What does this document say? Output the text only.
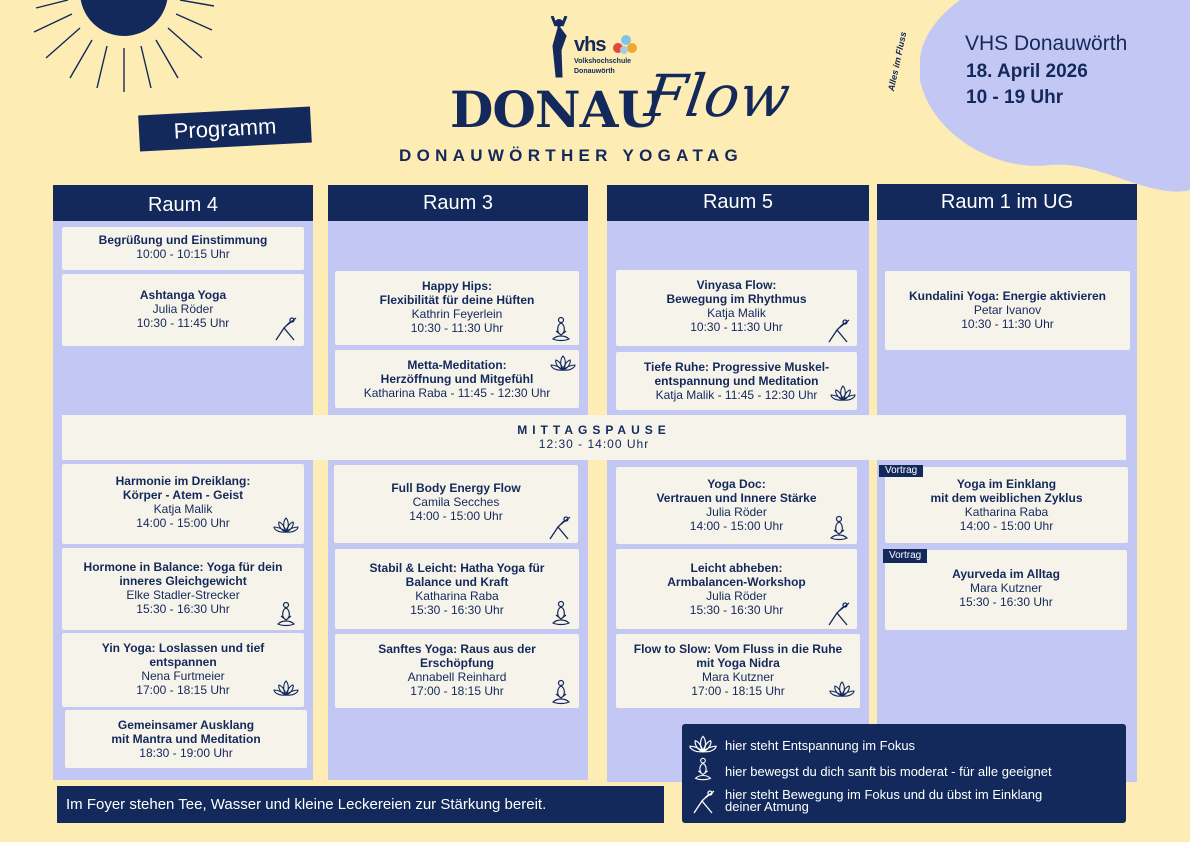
Alles im Fluss	VHS Donauwörth
18. April 2026
10 - 19 Uhr
vhs
Volkshochschule
Donauwörth
DONAU
Flow
DONAUWÖRTHER YOGATAG
Programm
Raum 4	Raum 3	Raum 5	Raum 1 im UG
Begrüßung und Einstimmung
10:00 - 10:15 Uhr
Ashtanga Yoga
Julia Röder
10:30 - 11:45 Uhr
Harmonie im Dreiklang:
Körper - Atem - Geist
Katja Malik
14:00 - 15:00 Uhr
Hormone in Balance: Yoga für dein
inneres Gleichgewicht
Elke Stadler-Strecker
15:30 - 16:30 Uhr
Yin Yoga: Loslassen und tief
entspannen
Nena Furtmeier
17:00 - 18:15 Uhr
Gemeinsamer Ausklang
mit Mantra und Meditation
18:30 - 19:00 Uhr
Happy Hips:
Flexibilität für deine Hüften
Kathrin Feyerlein
10:30 - 11:30 Uhr
Metta-Meditation:
Herzöffnung und Mitgefühl
Katharina Raba - 11:45 - 12:30 Uhr
Full Body Energy Flow
Camila Secches
14:00 - 15:00 Uhr
Stabil & Leicht: Hatha Yoga für
Balance und Kraft
Katharina Raba
15:30 - 16:30 Uhr
Sanftes Yoga: Raus aus der
Erschöpfung
Annabell Reinhard
17:00 - 18:15 Uhr
Vinyasa Flow:
Bewegung im Rhythmus
Katja Malik
10:30 - 11:30 Uhr
Tiefe Ruhe: Progressive Muskel-
entspannung und Meditation
Katja Malik - 11:45 - 12:30 Uhr
Yoga Doc:
Vertrauen und Innere Stärke
Julia Röder
14:00 - 15:00 Uhr
Leicht abheben:
Armbalancen-Workshop
Julia Röder
15:30 - 16:30 Uhr
Flow to Slow: Vom Fluss in die Ruhe
mit Yoga Nidra
Mara Kutzner
17:00 - 18:15 Uhr
Kundalini Yoga: Energie aktivieren
Petar Ivanov
10:30 - 11:30 Uhr
Yoga im Einklang
mit dem weiblichen Zyklus
Katharina Raba
14:00 - 15:00 Uhr
Vortrag
Ayurveda im Alltag
Mara Kutzner
15:30 - 16:30 Uhr
Vortrag
MITTAGSPAUSE
12:30 - 14:00 Uhr
hier steht Entspannung im Fokus
hier bewegst du dich sanft bis moderat - für alle geeignet
hier steht Bewegung im Fokus und du übst im Einklang
deiner Atmung
Im Foyer stehen Tee, Wasser und kleine Leckereien zur Stärkung bereit.
